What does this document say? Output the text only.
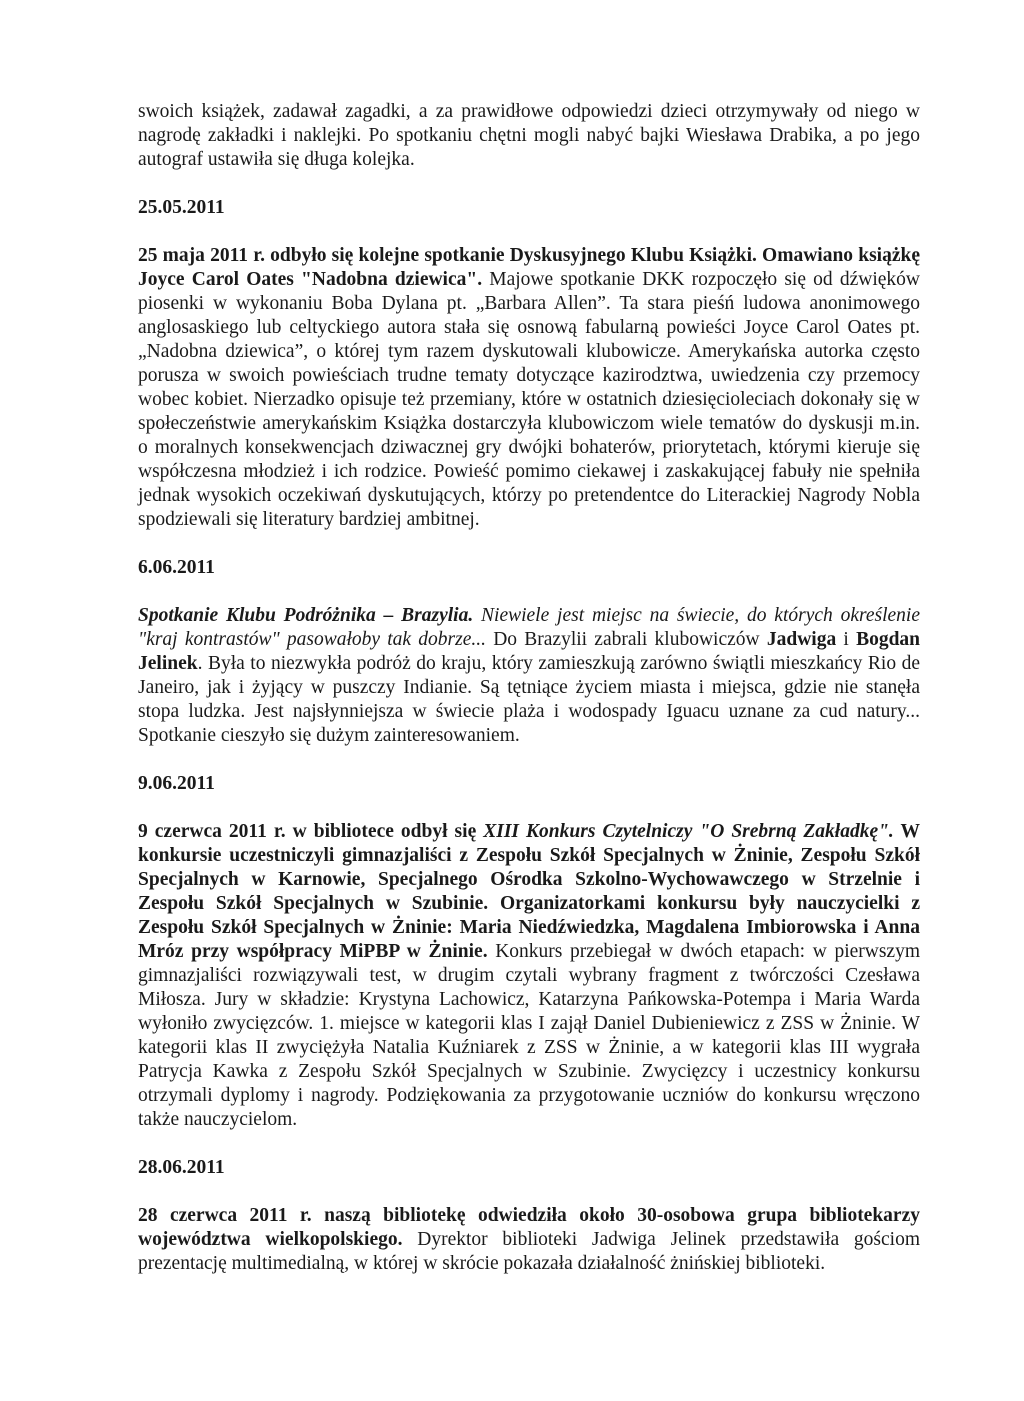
swoich książek, zadawał zagadki, a za prawidłowe odpowiedzi dzieci otrzymywały od niego w nagrodę zakładki i naklejki. Po spotkaniu chętni mogli nabyć bajki Wiesława Drabika, a po jego autograf ustawiła się długa kolejka.

25.05.2011

25 maja 2011 r. odbyło się kolejne spotkanie Dyskusyjnego Klubu Książki. Omawiano książkę Joyce Carol Oates "Nadobna dziewica". Majowe spotkanie DKK rozpoczęło się od dźwięków piosenki w wykonaniu Boba Dylana pt. „Barbara Allen”. Ta stara pieśń ludowa anonimowego anglosaskiego lub celtyckiego autora stała się osnową fabularną powieści Joyce Carol Oates pt. „Nadobna dziewica”, o której tym razem dyskutowali klubowicze. Amerykańska autorka często porusza w swoich powieściach trudne tematy dotyczące kazirodztwa, uwiedzenia czy przemocy wobec kobiet. Nierzadko opisuje też przemiany, które w ostatnich dziesięcioleciach dokonały się w społeczeństwie amerykańskim Książka dostarczyła klubowiczom wiele tematów do dyskusji m.in. o moralnych konsekwencjach dziwacznej gry dwójki bohaterów, priorytetach, którymi kieruje się współczesna młodzież i ich rodzice. Powieść pomimo ciekawej i zaskakującej fabuły nie spełniła jednak wysokich oczekiwań dyskutujących, którzy po pretendentce do Literackiej Nagrody Nobla spodziewali się literatury bardziej ambitnej.

6.06.2011

Spotkanie Klubu Podróżnika – Brazylia. Niewiele jest miejsc na świecie, do których określenie "kraj kontrastów" pasowałoby tak dobrze... Do Brazylii zabrali klubowiczów Jadwiga i Bogdan Jelinek. Była to niezwykła podróż do kraju, który zamieszkują zarówno świątli mieszkańcy Rio de Janeiro, jak i żyjący w puszczy Indianie. Są tętniące życiem miasta i miejsca, gdzie nie stanęła stopa ludzka. Jest najsłynniejsza w świecie plaża i wodospady Iguacu uznane za cud natury... Spotkanie cieszyło się dużym zainteresowaniem.

9.06.2011

9 czerwca 2011 r. w bibliotece odbył się XIII Konkurs Czytelniczy "O Srebrną Zakładkę". W konkursie uczestniczyli gimnazjaliści z Zespołu Szkół Specjalnych w Żninie, Zespołu Szkół Specjalnych w Karnowie, Specjalnego Ośrodka Szkolno-Wychowawczego w Strzelnie i Zespołu Szkół Specjalnych w Szubinie. Organizatorkami konkursu były nauczycielki z Zespołu Szkół Specjalnych w Żninie: Maria Niedźwiedzka, Magdalena Imbiorowska i Anna Mróz przy współpracy MiPBP w Żninie. Konkurs przebiegał w dwóch etapach: w pierwszym gimnazjaliści rozwiązywali test, w drugim czytali wybrany fragment z twórczości Czesława Miłosza. Jury w składzie: Krystyna Lachowicz, Katarzyna Pańkowska-Potempa i Maria Warda wyłoniło zwycięzców. 1. miejsce w kategorii klas I zajął Daniel Dubieniewicz z ZSS w Żninie. W kategorii klas II zwyciężyła Natalia Kuźniarek z ZSS w Żninie, a w kategorii klas III wygrała Patrycja Kawka z Zespołu Szkół Specjalnych w Szubinie. Zwycięzcy i uczestnicy konkursu otrzymali dyplomy i nagrody. Podziękowania za przygotowanie uczniów do konkursu wręczono także nauczycielom.

28.06.2011

28 czerwca 2011 r. naszą bibliotekę odwiedziła około 30-osobowa grupa bibliotekarzy województwa wielkopolskiego. Dyrektor biblioteki Jadwiga Jelinek przedstawiła gościom prezentację multimedialną, w której w skrócie pokazała działalność żnińskiej biblioteki.
